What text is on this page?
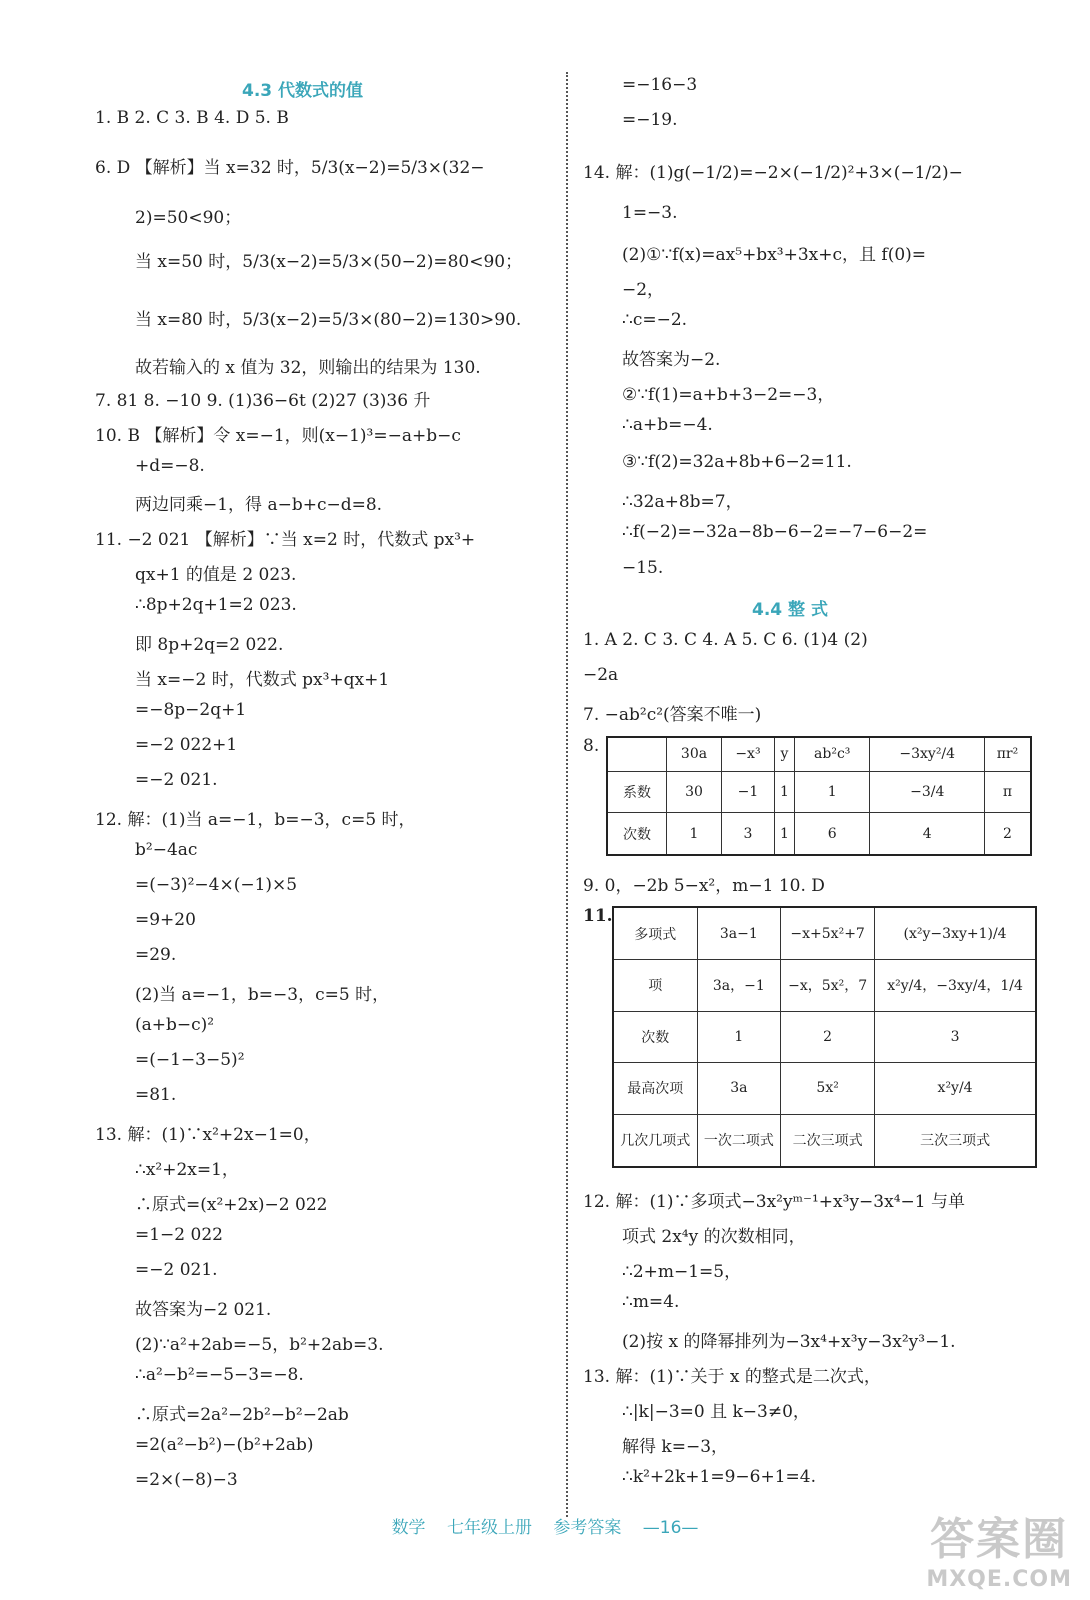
4.3 代数式的值
1. B 2. C 3. B 4. D 5. B
6. D 【解析】当 x=32 时，5/3(x−2)=5/3×(32−
2)=50<90；
当 x=50 时，5/3(x−2)=5/3×(50−2)=80<90；
当 x=80 时，5/3(x−2)=5/3×(80−2)=130>90.
故若输入的 x 值为 32，则输出的结果为 130.
7. 81 8. −10 9. (1)36−6t (2)27 (3)36 升
10. B 【解析】令 x=−1，则(x−1)³=−a+b−c
+d=−8.
两边同乘−1，得 a−b+c−d=8.
11. −2 021 【解析】∵当 x=2 时，代数式 px³+
qx+1 的值是 2 023.
∴8p+2q+1=2 023.
即 8p+2q=2 022.
当 x=−2 时，代数式 px³+qx+1
=−8p−2q+1
=−2 022+1
=−2 021.
12. 解：(1)当 a=−1，b=−3，c=5 时，
b²−4ac
=(−3)²−4×(−1)×5
=9+20
=29.
(2)当 a=−1，b=−3，c=5 时，
(a+b−c)²
=(−1−3−5)²
=81.
13. 解：(1)∵x²+2x−1=0，
∴x²+2x=1，
∴原式=(x²+2x)−2 022
=1−2 022
=−2 021.
故答案为−2 021.
(2)∵a²+2ab=−5，b²+2ab=3.
∴a²−b²=−5−3=−8.
∴原式=2a²−2b²−b²−2ab
=2(a²−b²)−(b²+2ab)
=2×(−8)−3
=−16−3
=−19.
14. 解：(1)g(−1/2)=−2×(−1/2)²+3×(−1/2)−
1=−3.
(2)①∵f(x)=ax⁵+bx³+3x+c，且 f(0)=
−2，
∴c=−2.
故答案为−2.
②∵f(1)=a+b+3−2=−3，
∴a+b=−4.
③∵f(2)=32a+8b+6−2=11.
∴32a+8b=7，
∴f(−2)=−32a−8b−6−2=−7−6−2=
−15.
4.4 整 式
1. A 2. C 3. C 4. A 5. C 6. (1)4 (2)
−2a
7. −ab²c²(答案不唯一)
8.
		30a	−x³	y	ab²c³	−3xy²/4	πr²
系数	30	−1	1	1	−3/4	π
次数	1	3	1	6	4	2
9. 0，−2b 5−x²，m−1 10. D
11.
多项式	3a−1	−x+5x²+7	(x²y−3xy+1)/4
项	3a，−1	−x，5x²，7	x²y/4，−3xy/4，1/4
次数	1	2	3
最高次项	3a	5x²	x²y/4
几次几项式	一次二项式	二次三项式	三次三项式
12. 解：(1)∵多项式−3x²yᵐ⁻¹+x³y−3x⁴−1 与单
项式 2x⁴y 的次数相同，
∴2+m−1=5，
∴m=4.
(2)按 x 的降幂排列为−3x⁴+x³y−3x²y³−1.
13. 解：(1)∵关于 x 的整式是二次式，
∴|k|−3=0 且 k−3≠0，
解得 k=−3，
∴k²+2k+1=9−6+1=4.
数学 七年级上册 参考答案 —16—	答案圈
MXQE.COM
